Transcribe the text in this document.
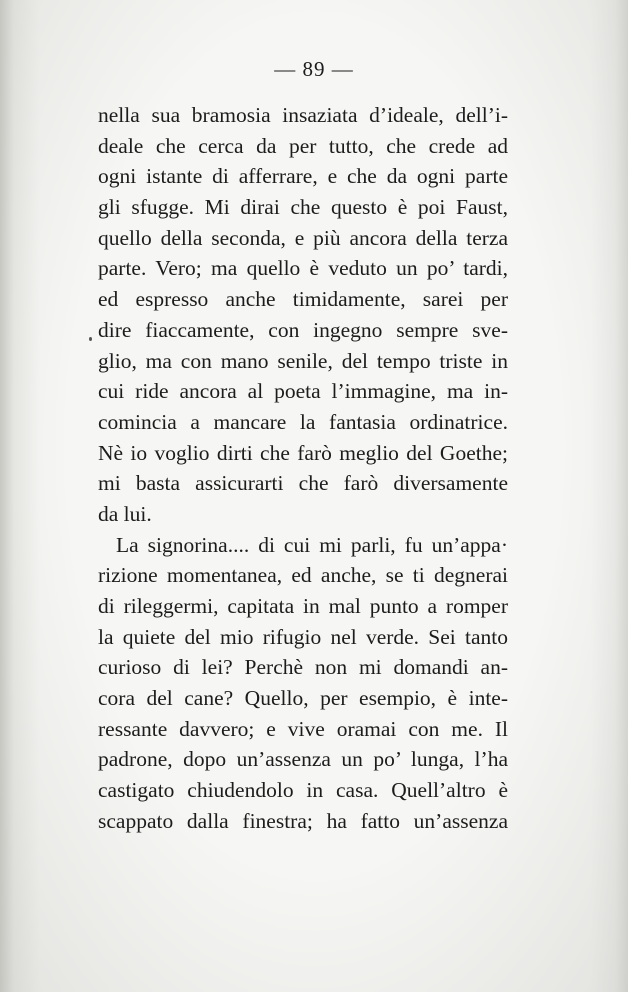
— 89 —
nella sua bramosia insaziata d’ideale, dell’i-
deale che cerca da per tutto, che crede ad
ogni istante di afferrare, e che da ogni parte
gli sfugge. Mi dirai che questo è poi Faust,
quello della seconda, e più ancora della terza
parte. Vero; ma quello è veduto un po’ tardi,
ed espresso anche timidamente, sarei per
dire fiaccamente, con ingegno sempre sve-
glio, ma con mano senile, del tempo triste in
cui ride ancora al poeta l’immagine, ma in-
comincia a mancare la fantasia ordinatrice.
Nè io voglio dirti che farò meglio del Goethe;
mi basta assicurarti che farò diversamente
da lui.
La signorina.... di cui mi parli, fu un’appa·
rizione momentanea, ed anche, se ti degnerai
di rileggermi, capitata in mal punto a romper
la quiete del mio rifugio nel verde. Sei tanto
curioso di lei? Perchè non mi domandi an-
cora del cane? Quello, per esempio, è inte-
ressante davvero; e vive oramai con me. Il
padrone, dopo un’assenza un po’ lunga, l’ha
castigato chiudendolo in casa. Quell’altro è
scappato dalla finestra; ha fatto un’assenza
